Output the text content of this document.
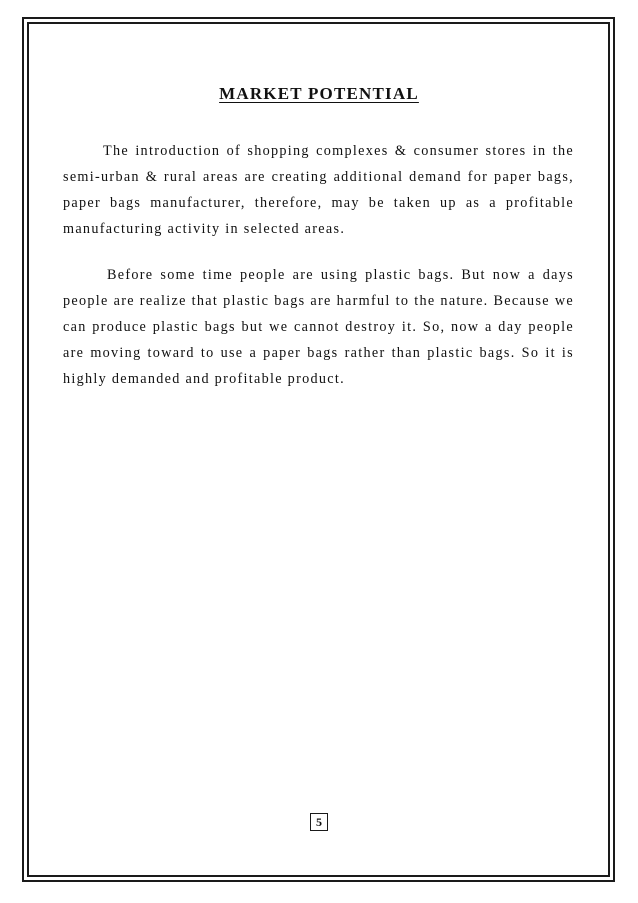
MARKET POTENTIAL

The introduction of shopping complexes & consumer stores in the semi-urban & rural areas are creating additional demand for paper bags, paper bags manufacturer, therefore, may be taken up as a profitable manufacturing activity in selected areas.

Before some time people are using plastic bags. But now a days people are realize that plastic bags are harmful to the nature. Because we can produce plastic bags but we cannot destroy it. So, now a day people are moving toward to use a paper bags rather than plastic bags. So it is highly demanded and profitable product.

5
